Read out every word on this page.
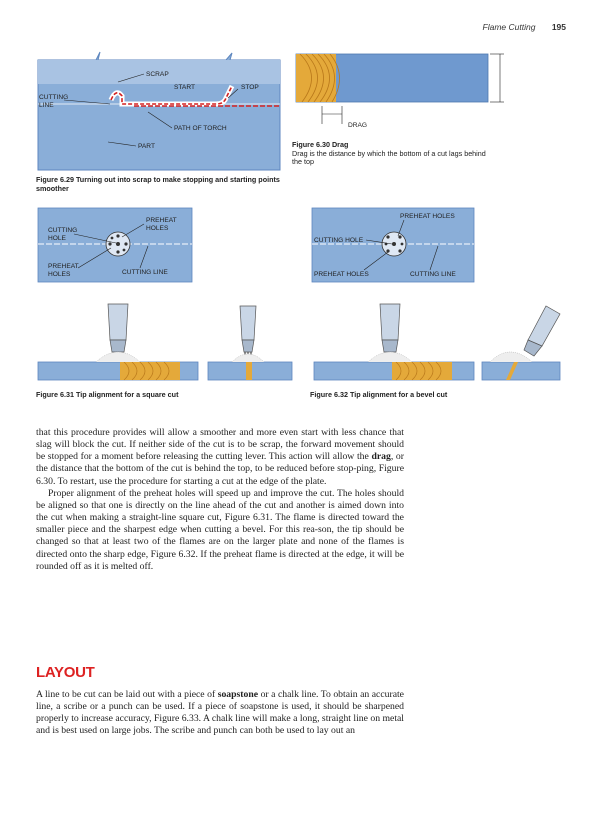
Flame Cutting 195
SCRAP
START	STOP
CUTTING
LINE
PATH OF TORCH
PART
Figure 6.29 Turning out into scrap to make stopping and starting points smoother
DRAG
Figure 6.30 Drag
Drag is the distance by which the bottom of a cut lags behind the top
CUTTING
HOLE
PREHEAT
HOLES
PREHEAT
HOLES	CUTTING LINE
PREHEAT HOLES
CUTTING HOLE
PREHEAT HOLES	CUTTING LINE
Figure 6.31 Tip alignment for a square cut	Figure 6.32 Tip alignment for a bevel cut

that this procedure provides will allow a smoother and more even start with less chance that slag will block the cut. If neither side of the cut is to be scrap, the forward movement should be stopped for a moment before releasing the cutting lever. This action will allow the drag, or the distance that the bottom of the cut is behind the top, to be reduced before stop-ping, Figure 6.30. To restart, use the procedure for starting a cut at the edge of the plate.

Proper alignment of the preheat holes will speed up and improve the cut. The holes should be aligned so that one is directly on the line ahead of the cut and another is aimed down into the cut when making a straight-line square cut, Figure 6.31. The flame is directed toward the smaller piece and the sharpest edge when cutting a bevel. For this rea-son, the tip should be changed so that at least two of the flames are on the larger plate and none of the flames is directed onto the sharp edge, Figure 6.32. If the preheat flame is directed at the edge, it will be rounded off as it is melted off.

LAYOUT

A line to be cut can be laid out with a piece of soapstone or a chalk line. To obtain an accurate line, a scribe or a punch can be used. If a piece of soapstone is used, it should be sharpened properly to increase accuracy, Figure 6.33. A chalk line will make a long, straight line on metal and is best used on large jobs. The scribe and punch can both be used to lay out an
